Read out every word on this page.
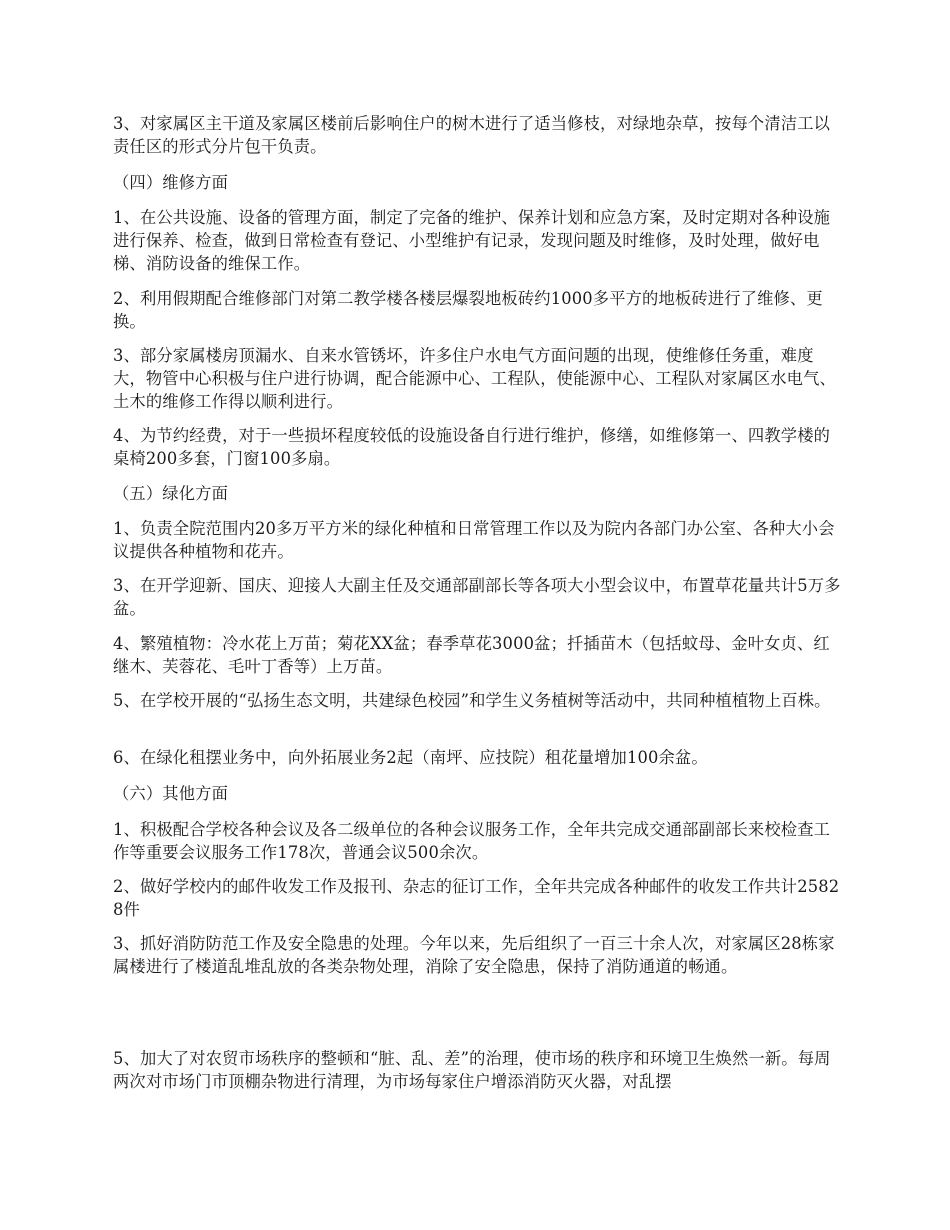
3、对家属区主干道及家属区楼前后影响住户的树木进行了适当修枝，对绿地杂草，按每个清洁工以责任区的形式分片包干负责。

（四）维修方面

1、在公共设施、设备的管理方面，制定了完备的维护、保养计划和应急方案，及时定期对各种设施进行保养、检查，做到日常检查有登记、小型维护有记录，发现问题及时维修，及时处理，做好电梯、消防设备的维保工作。

2、利用假期配合维修部门对第二教学楼各楼层爆裂地板砖约1000多平方的地板砖进行了维修、更换。

3、部分家属楼房顶漏水、自来水管锈坏，许多住户水电气方面问题的出现，使维修任务重，难度大，物管中心积极与住户进行协调，配合能源中心、工程队，使能源中心、工程队对家属区水电气、土木的维修工作得以顺利进行。

4、为节约经费，对于一些损坏程度较低的设施设备自行进行维护，修缮，如维修第一、四教学楼的桌椅200多套，门窗100多扇。

（五）绿化方面

1、负责全院范围内20多万平方米的绿化种植和日常管理工作以及为院内各部门办公室、各种大小会议提供各种植物和花卉。

3、在开学迎新、国庆、迎接人大副主任及交通部副部长等各项大小型会议中，布置草花量共计5万多盆。

4、繁殖植物：冷水花上万苗；菊花XX盆；春季草花3000盆；扦插苗木（包括蚊母、金叶女贞、红继木、芙蓉花、毛叶丁香等）上万苗。

5、在学校开展的“弘扬生态文明，共建绿色校园”和学生义务植树等活动中，共同种植植物上百株。

6、在绿化租摆业务中，向外拓展业务2起（南坪、应技院）租花量增加100余盆。

（六）其他方面

1、积极配合学校各种会议及各二级单位的各种会议服务工作，全年共完成交通部副部长来校检查工作等重要会议服务工作178次，普通会议500余次。

2、做好学校内的邮件收发工作及报刊、杂志的征订工作，全年共完成各种邮件的收发工作共计25828件

3、抓好消防防范工作及安全隐患的处理。今年以来，先后组织了一百三十余人次，对家属区28栋家属楼进行了楼道乱堆乱放的各类杂物处理，消除了安全隐患，保持了消防通道的畅通。

5、加大了对农贸市场秩序的整顿和“脏、乱、差”的治理，使市场的秩序和环境卫生焕然一新。每周两次对市场门市顶棚杂物进行清理，为市场每家住户增添消防灭火器，对乱摆
